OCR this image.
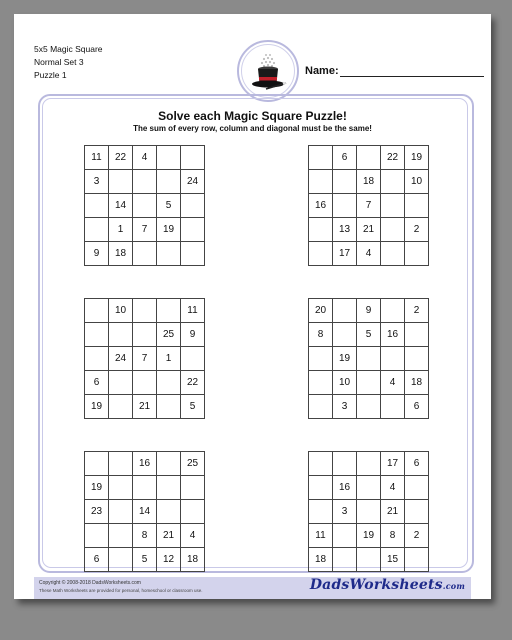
5x5 Magic Square
Normal Set 3
Puzzle 1	Name:
Solve each Magic Square Puzzle!
The sum of every row, column and diagonal must be the same!
11	22	4		
3				24
	14		5	
	1	7	19	
9	18			
	6		22	19
		18		10
16		7		
	13	21		2
	17	4		
	10			11
			25	9
	24	7	1	
6				22
19		21		5
20		9		2
8		5	16	
	19			
	10		4	18
	3			6
		16		25
19				
23		14		
		8	21	4
6		5	12	18
			17	6
	16		4	
	3		21	
11		19	8	2
18			15	
Copyright © 2008-2018 DadsWorksheets.com
These Math Worksheets are provided for personal, homeschool or classroom use.	DadsWorksheets.com
